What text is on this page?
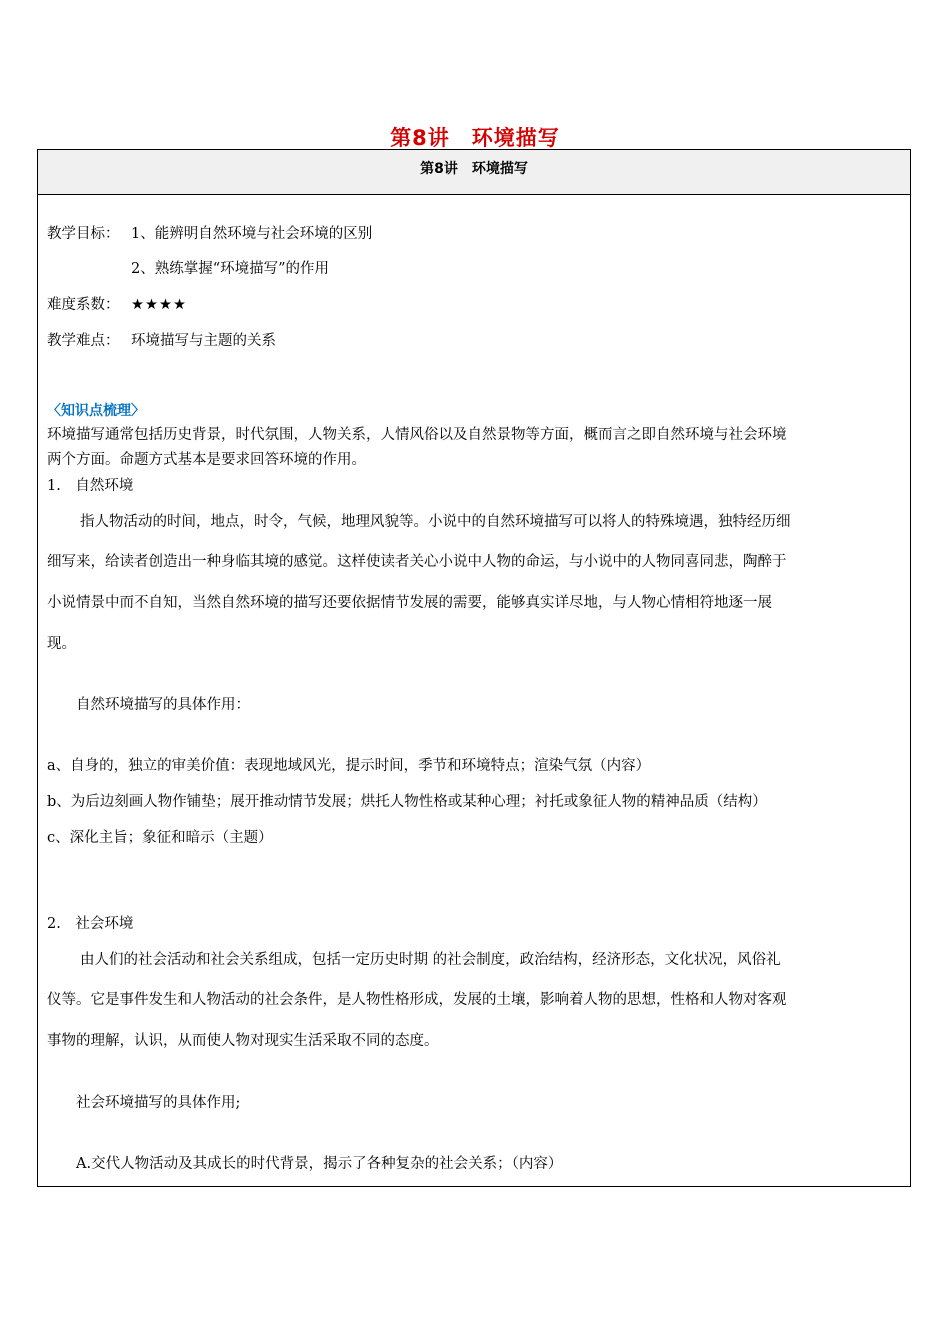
第8讲　环境描写
第8讲　环境描写
教学目标： 1、能辨明自然环境与社会环境的区别
2、熟练掌握“环境描写”的作用
难度系数： ★★★★
教学难点： 环境描写与主题的关系
〈知识点梳理〉
环境描写通常包括历史背景，时代氛围，人物关系，人情风俗以及自然景物等方面，概而言之即自然环境与社会环境
两个方面。命题方式基本是要求回答环境的作用。
1.　自然环境
指人物活动的时间，地点，时令，气候，地理风貌等。小说中的自然环境描写可以将人的特殊境遇，独特经历细
细写来，给读者创造出一种身临其境的感觉。这样使读者关心小说中人物的命运，与小说中的人物同喜同悲，陶醉于
小说情景中而不自知，当然自然环境的描写还要依据情节发展的需要，能够真实详尽地，与人物心情相符地逐一展
现。
自然环境描写的具体作用：
a、自身的，独立的审美价值：表现地域风光，提示时间，季节和环境特点；渲染气氛（内容）
b、为后边刻画人物作铺垫；展开推动情节发展；烘托人物性格或某种心理；衬托或象征人物的精神品质（结构）
c、深化主旨；象征和暗示（主题）
2.　社会环境
由人们的社会活动和社会关系组成，包括一定历史时期 的社会制度，政治结构，经济形态，文化状况，风俗礼
仪等。它是事件发生和人物活动的社会条件，是人物性格形成，发展的土壤，影响着人物的思想，性格和人物对客观
事物的理解，认识，从而使人物对现实生活采取不同的态度。
社会环境描写的具体作用;
A.交代人物活动及其成长的时代背景，揭示了各种复杂的社会关系；（内容）
